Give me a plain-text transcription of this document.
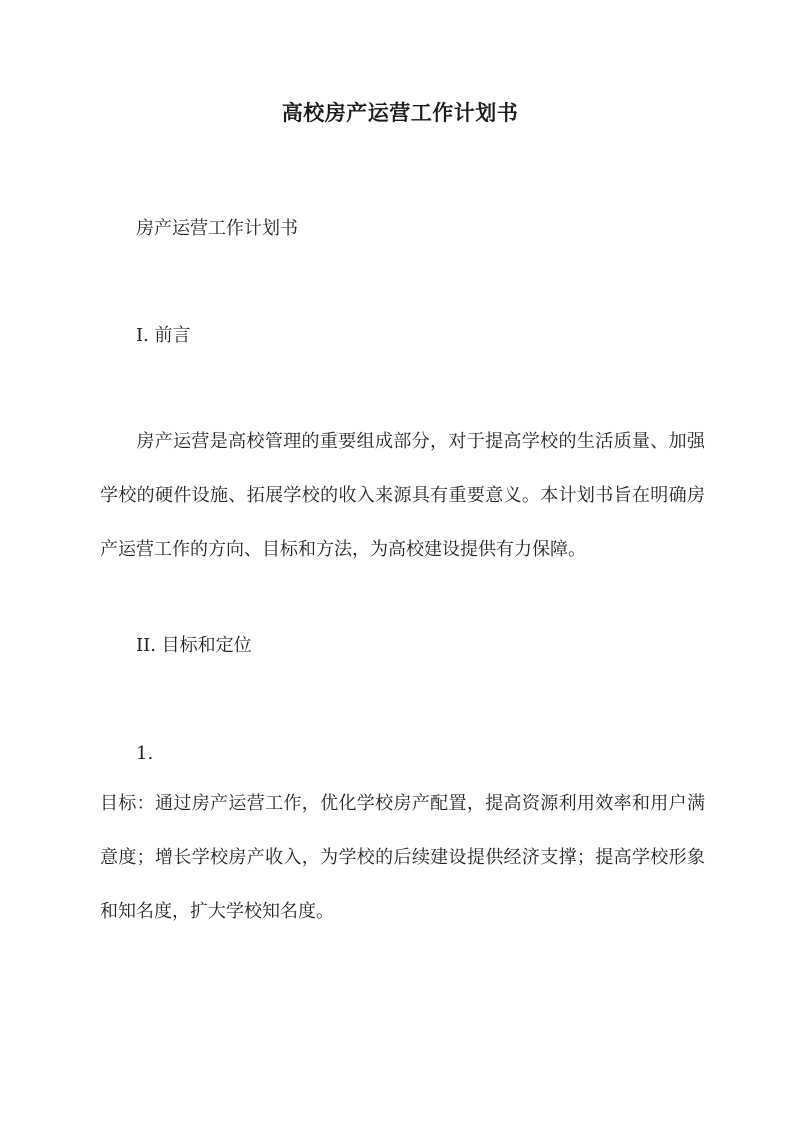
高校房产运营工作计划书
房产运营工作计划书
I. 前言
房产运营是高校管理的重要组成部分，对于提高学校的生活质量、加强学校的硬件设施、拓展学校的收入来源具有重要意义。本计划书旨在明确房产运营工作的方向、目标和方法，为高校建设提供有力保障。
II. 目标和定位
1.
目标：通过房产运营工作，优化学校房产配置，提高资源利用效率和用户满意度；增长学校房产收入，为学校的后续建设提供经济支撑；提高学校形象和知名度，扩大学校知名度。
